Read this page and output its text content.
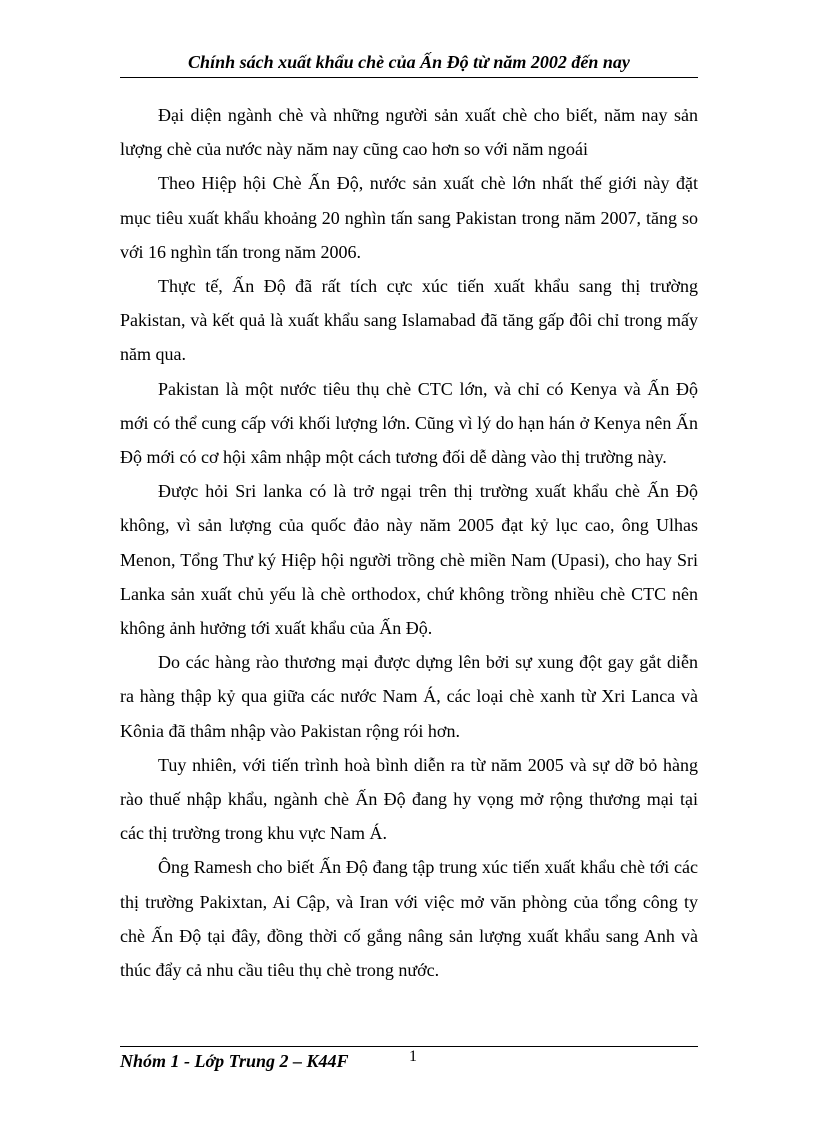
Chính sách xuất khẩu chè của Ấn Độ từ năm 2002 đến nay

Đại diện ngành chè và những người sản xuất chè cho biết, năm nay sản lượng chè của nước này năm nay cũng cao hơn so với năm ngoái

Theo Hiệp hội Chè Ấn Độ, nước sản xuất chè lớn nhất thế giới này đặt mục tiêu xuất khẩu khoảng 20 nghìn tấn sang Pakistan trong năm 2007, tăng so với 16 nghìn tấn trong năm 2006.

Thực tế, Ấn Độ đã rất tích cực xúc tiến xuất khẩu sang thị trường Pakistan, và kết quả là xuất khẩu sang Islamabad đã tăng gấp đôi chỉ trong mấy năm qua.

Pakistan là một nước tiêu thụ chè CTC lớn, và chỉ có Kenya và Ấn Độ mới có thể cung cấp với khối lượng lớn. Cũng vì lý do hạn hán ở Kenya nên Ấn Độ mới có cơ hội xâm nhập một cách tương đối dễ dàng vào thị trường này.

Được hỏi Sri lanka có là trở ngại trên thị trường xuất khẩu chè Ấn Độ không, vì sản lượng của quốc đảo này năm 2005 đạt kỷ lục cao, ông Ulhas Menon, Tổng Thư ký Hiệp hội người trồng chè miền Nam (Upasi), cho hay Sri Lanka sản xuất chủ yếu là chè orthodox, chứ không trồng nhiều chè CTC nên không ảnh hưởng tới xuất khẩu của Ấn Độ.

Do các hàng rào thương mại được dựng lên bởi sự xung đột gay gắt diễn ra hàng thập kỷ qua giữa các nước Nam Á, các loại chè xanh từ Xri Lanca và Kônia đã thâm nhập vào Pakistan rộng rói hơn.

Tuy nhiên, với tiến trình hoà bình diễn ra từ năm 2005 và sự dỡ bỏ hàng rào thuế nhập khẩu, ngành chè Ấn Độ đang hy vọng mở rộng thương mại tại các thị trường trong khu vực Nam Á.

Ông Ramesh cho biết Ấn Độ đang tập trung xúc tiến xuất khẩu chè tới các thị trường Pakixtan, Ai Cập, và Iran với việc mở văn phòng của tổng công ty chè Ấn Độ tại đây, đồng thời cố gắng nâng sản lượng xuất khẩu sang Anh và thúc đẩy cả nhu cầu tiêu thụ chè trong nước.

Nhóm 1 - Lớp Trung 2 – K44F	1
